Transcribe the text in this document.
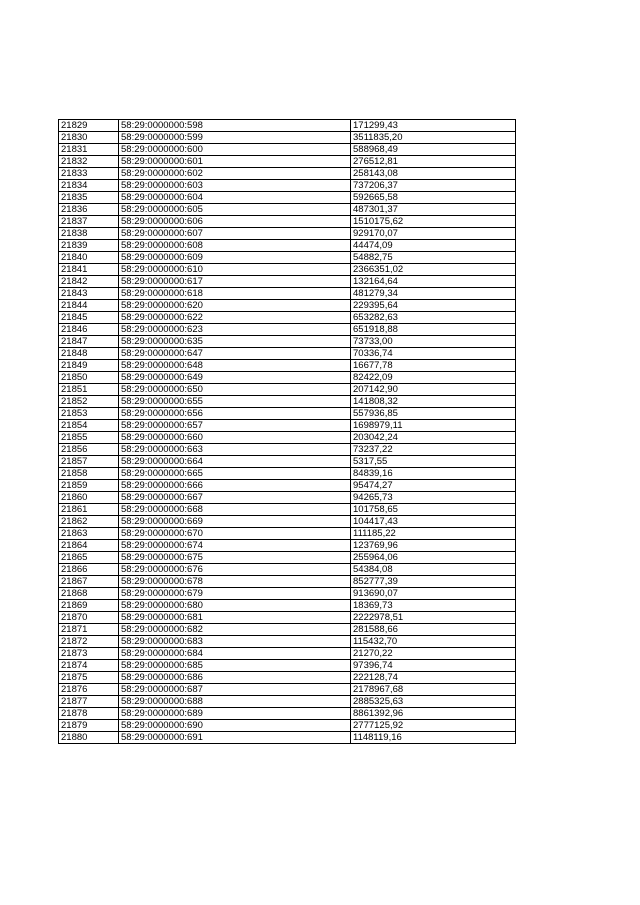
21829	58:29:0000000:598	171299,43
21830	58:29:0000000:599	3511835,20
21831	58:29:0000000:600	588968,49
21832	58:29:0000000:601	276512,81
21833	58:29:0000000:602	258143,08
21834	58:29:0000000:603	737206,37
21835	58:29:0000000:604	592665,58
21836	58:29:0000000:605	487301,37
21837	58:29:0000000:606	1510175,62
21838	58:29:0000000:607	929170,07
21839	58:29:0000000:608	44474,09
21840	58:29:0000000:609	54882,75
21841	58:29:0000000:610	2366351,02
21842	58:29:0000000:617	132164,64
21843	58:29:0000000:618	481279,34
21844	58:29:0000000:620	229395,64
21845	58:29:0000000:622	653282,63
21846	58:29:0000000:623	651918,88
21847	58:29:0000000:635	73733,00
21848	58:29:0000000:647	70336,74
21849	58:29:0000000:648	16677,78
21850	58:29:0000000:649	82422,09
21851	58:29:0000000:650	207142,90
21852	58:29:0000000:655	141808,32
21853	58:29:0000000:656	557936,85
21854	58:29:0000000:657	1698979,11
21855	58:29:0000000:660	203042,24
21856	58:29:0000000:663	73237,22
21857	58:29:0000000:664	5317,55
21858	58:29:0000000:665	84839,16
21859	58:29:0000000:666	95474,27
21860	58:29:0000000:667	94265,73
21861	58:29:0000000:668	101758,65
21862	58:29:0000000:669	104417,43
21863	58:29:0000000:670	111185,22
21864	58:29:0000000:674	123769,96
21865	58:29:0000000:675	255964,06
21866	58:29:0000000:676	54384,08
21867	58:29:0000000:678	852777,39
21868	58:29:0000000:679	913690,07
21869	58:29:0000000:680	18369,73
21870	58:29:0000000:681	2222978,51
21871	58:29:0000000:682	281588,66
21872	58:29:0000000:683	115432,70
21873	58:29:0000000:684	21270,22
21874	58:29:0000000:685	97396,74
21875	58:29:0000000:686	222128,74
21876	58:29:0000000:687	2178967,68
21877	58:29:0000000:688	2885325,63
21878	58:29:0000000:689	8861392,96
21879	58:29:0000000:690	2777125,92
21880	58:29:0000000:691	1148119,16
